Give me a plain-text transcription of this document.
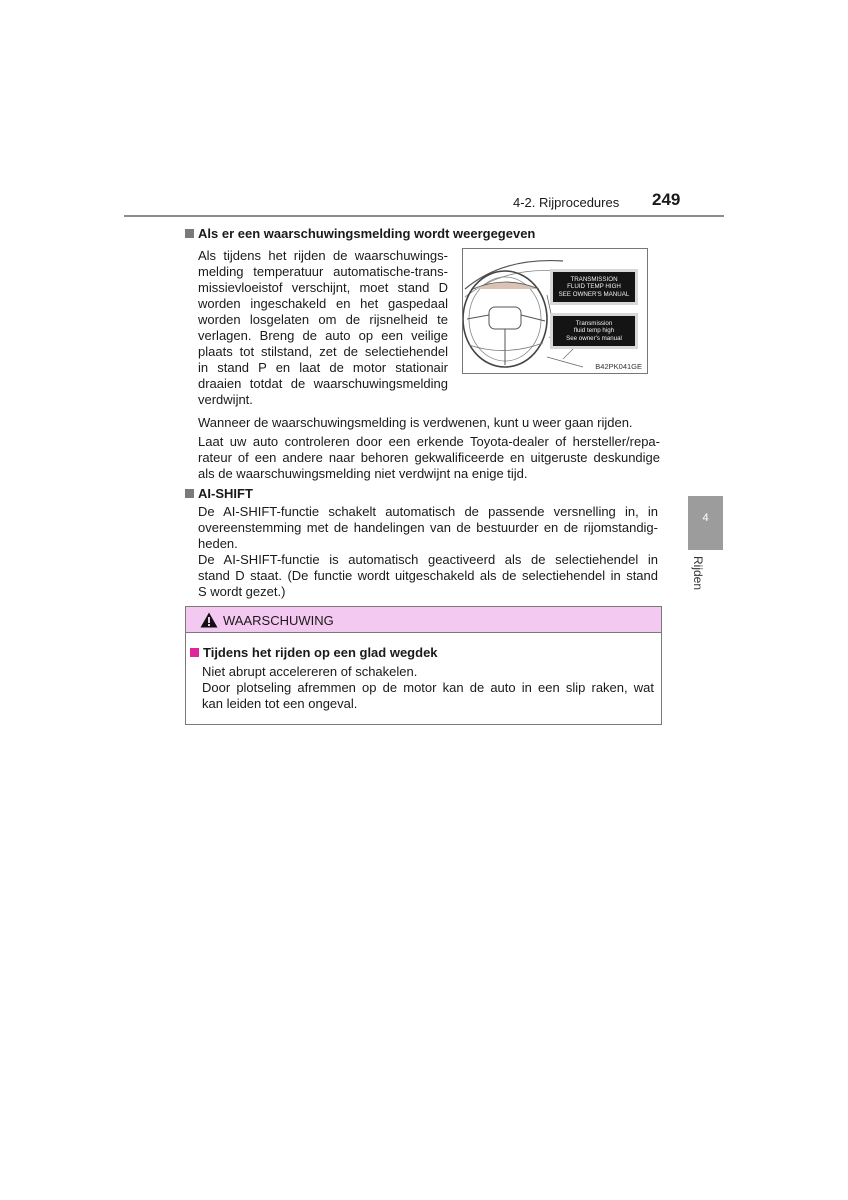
4-2. Rijprocedures 249
Als er een waarschuwingsmelding wordt weergegeven
Als tijdens het rijden de waarschuwings-
melding temperatuur automatische-trans-
missievloeistof verschijnt, moet stand D
worden ingeschakeld en het gaspedaal
worden losgelaten om de rijsnelheid te
verlagen. Breng de auto op een veilige
plaats tot stilstand, zet de selectiehendel
in stand P en laat de motor stationair
draaien totdat de waarschuwingsmelding
verdwijnt.
TRANSMISSION
FLUID TEMP HIGH
SEE OWNER'S MANUAL
Transmission
fluid temp high
See owner's manual
B42PK041GE
Wanneer de waarschuwingsmelding is verdwenen, kunt u weer gaan rijden.
Laat uw auto controleren door een erkende Toyota-dealer of hersteller/repa-
rateur of een andere naar behoren gekwalificeerde en uitgeruste deskundige
als de waarschuwingsmelding niet verdwijnt na enige tijd.
AI-SHIFT
De AI-SHIFT-functie schakelt automatisch de passende versnelling in, in
overeenstemming met de handelingen van de bestuurder en de rijomstandig-
heden.
De AI-SHIFT-functie is automatisch geactiveerd als de selectiehendel in
stand D staat. (De functie wordt uitgeschakeld als de selectiehendel in stand
S wordt gezet.)
4
Rijden
WAARSCHUWING
Tijdens het rijden op een glad wegdek
Niet abrupt accelereren of schakelen.
Door plotseling afremmen op de motor kan de auto in een slip raken, wat
kan leiden tot een ongeval.
